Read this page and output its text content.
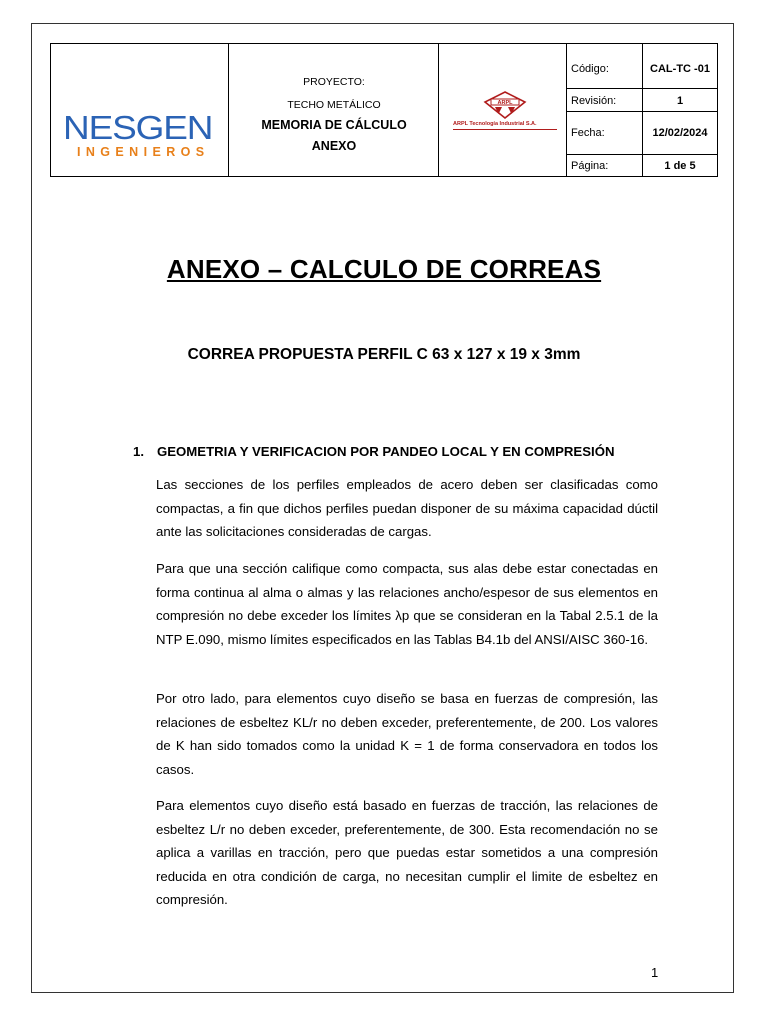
NESGEN
INGENIEROS
PROYECTO:
TECHO METÁLICO
MEMORIA DE CÁLCULO
ANEXO
ARPL
ARPL Tecnología Industrial S.A.
Código:	CAL-TC -01
Revisión:	1
Fecha:	12/02/2024
Página:	1 de 5
ANEXO – CALCULO DE CORREAS
CORREA PROPUESTA PERFIL C 63 x 127 x 19 x 3mm
1. GEOMETRIA Y VERIFICACION POR PANDEO LOCAL Y EN COMPRESIÓN

Las secciones de los perfiles empleados de acero deben ser clasificadas como compactas, a fin que dichos perfiles puedan disponer de su máxima capacidad dúctil ante las solicitaciones consideradas de cargas.

Para que una sección califique como compacta, sus alas debe estar conectadas en forma continua al alma o almas y las relaciones ancho/espesor de sus elementos en compresión no debe exceder los límites λp que se consideran en la Tabal 2.5.1 de la NTP E.090, mismo límites especificados en las Tablas B4.1b del ANSI/AISC 360-16.

Por otro lado, para elementos cuyo diseño se basa en fuerzas de compresión, las relaciones de esbeltez KL/r no deben exceder, preferentemente, de 200. Los valores de K han sido tomados como la unidad K = 1 de forma conservadora en todos los casos.

Para elementos cuyo diseño está basado en fuerzas de tracción, las relaciones de esbeltez L/r no deben exceder, preferentemente, de 300. Esta recomendación no se aplica a varillas en tracción, pero que puedas estar sometidos a una compresión reducida en otra condición de carga, no necesitan cumplir el limite de esbeltez en compresión.

1
